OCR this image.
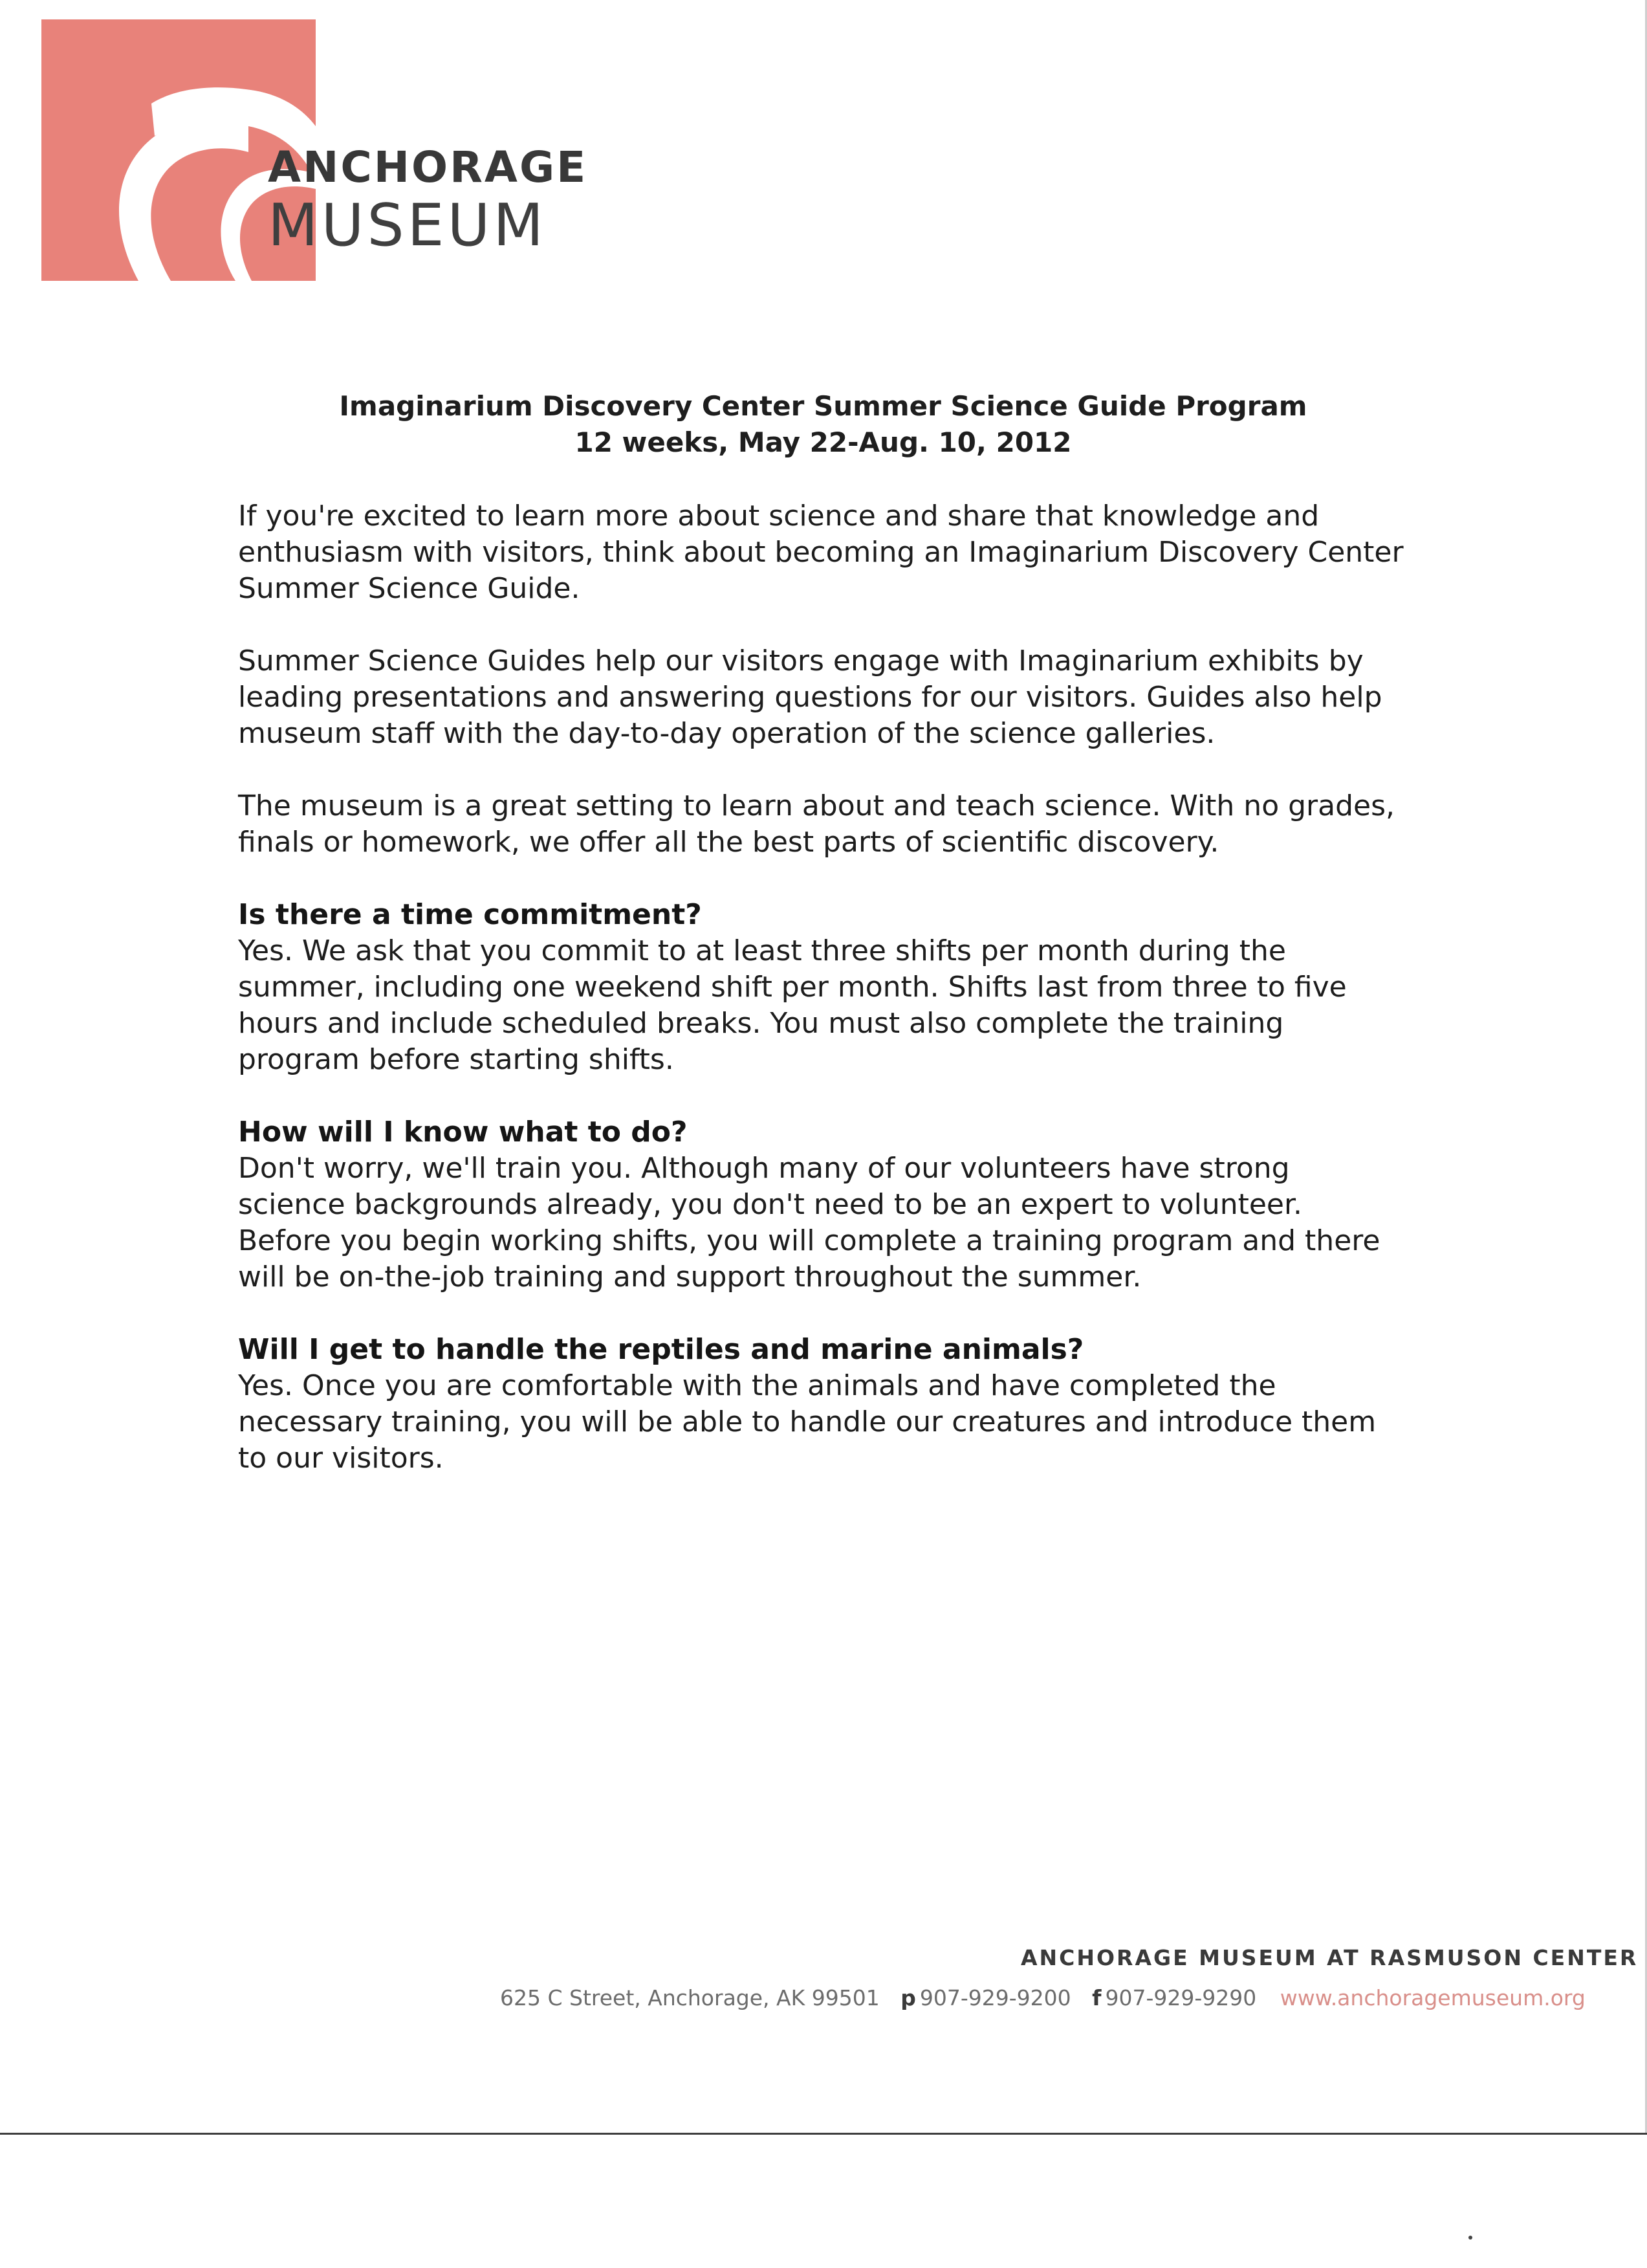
ANCHORAGE
MUSEUM
Imaginarium Discovery Center Summer Science Guide Program
12 weeks, May 22-Aug. 10, 2012

If you're excited to learn more about science and share that knowledge and
enthusiasm with visitors, think about becoming an Imaginarium Discovery Center
Summer Science Guide.

Summer Science Guides help our visitors engage with Imaginarium exhibits by
leading presentations and answering questions for our visitors. Guides also help
museum staff with the day-to-day operation of the science galleries.

The museum is a great setting to learn about and teach science. With no grades,
finals or homework, we offer all the best parts of scientific discovery.

Is there a time commitment?
Yes. We ask that you commit to at least three shifts per month during the
summer, including one weekend shift per month. Shifts last from three to five
hours and include scheduled breaks. You must also complete the training
program before starting shifts.

How will I know what to do?
Don't worry, we'll train you. Although many of our volunteers have strong
science backgrounds already, you don't need to be an expert to volunteer.
Before you begin working shifts, you will complete a training program and there
will be on-the-job training and support throughout the summer.

Will I get to handle the reptiles and marine animals?
Yes. Once you are comfortable with the animals and have completed the
necessary training, you will be able to handle our creatures and introduce them
to our visitors.

ANCHORAGE MUSEUM AT RASMUSON CENTER
625 C Street, Anchorage, AK 99501 p 907-929-9200 f 907-929-9290 www.anchoragemuseum.org
